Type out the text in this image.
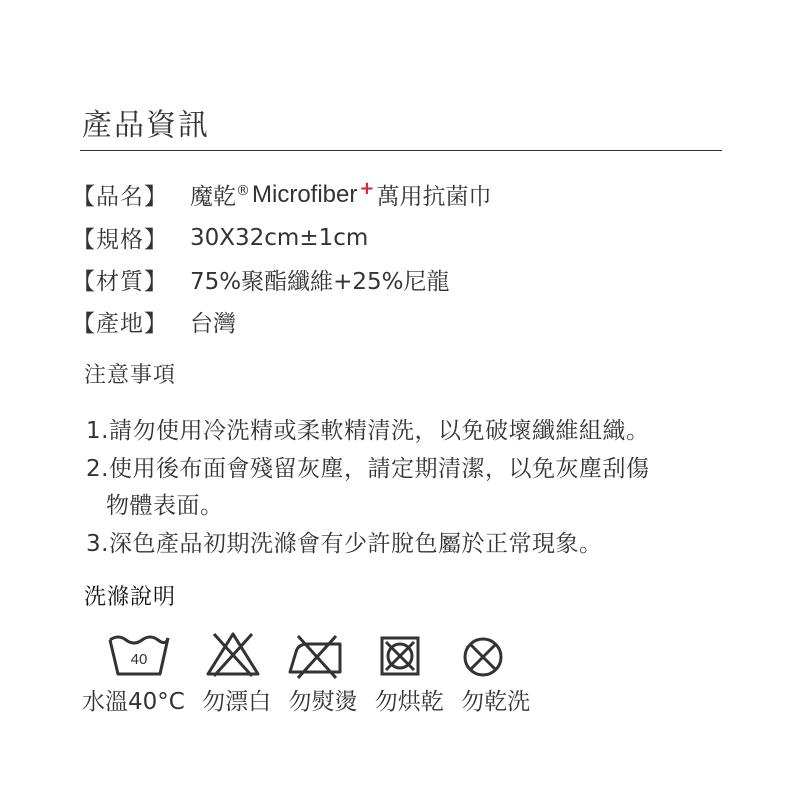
產品資訊
【品名】 魔乾 ® Microfiber + 萬用抗菌巾
【規格】 30X32cm±1cm
【材質】 75%聚酯纖維+25%尼龍
【產地】 台灣
注意事項
1.請勿使用冷洗精或柔軟精清洗，以免破壞纖維組織。
2.使用後布面會殘留灰塵，請定期清潔，以免灰塵刮傷
物體表面。
3.深色產品初期洗滌會有少許脫色屬於正常現象。
洗滌說明
40
水溫40°C 勿漂白 勿熨燙 勿烘乾 勿乾洗
